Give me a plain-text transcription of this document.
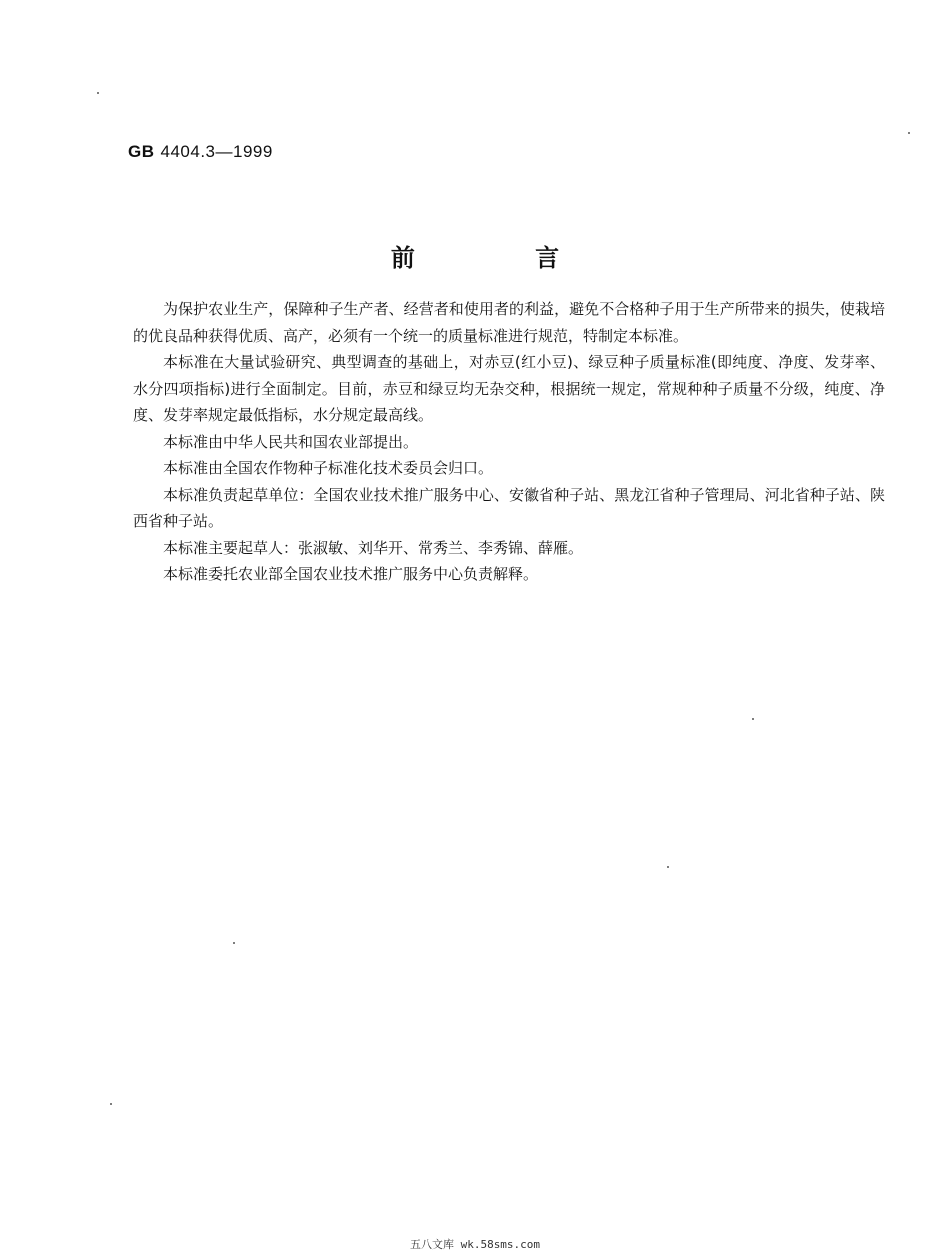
GB 4404.3—1999
前 言

为保护农业生产，保障种子生产者、经营者和使用者的利益，避免不合格种子用于生产所带来的损失，使栽培的优良品种获得优质、高产，必须有一个统一的质量标准进行规范，特制定本标准。

本标准在大量试验研究、典型调查的基础上，对赤豆(红小豆)、绿豆种子质量标准(即纯度、净度、发芽率、水分四项指标)进行全面制定。目前，赤豆和绿豆均无杂交种，根据统一规定，常规种种子质量不分级，纯度、净度、发芽率规定最低指标，水分规定最高线。

本标准由中华人民共和国农业部提出。

本标准由全国农作物种子标准化技术委员会归口。

本标准负责起草单位：全国农业技术推广服务中心、安徽省种子站、黑龙江省种子管理局、河北省种子站、陕西省种子站。

本标准主要起草人：张淑敏、刘华开、常秀兰、李秀锦、薛雁。

本标准委托农业部全国农业技术推广服务中心负责解释。

五八文库 wk.58sms.com
